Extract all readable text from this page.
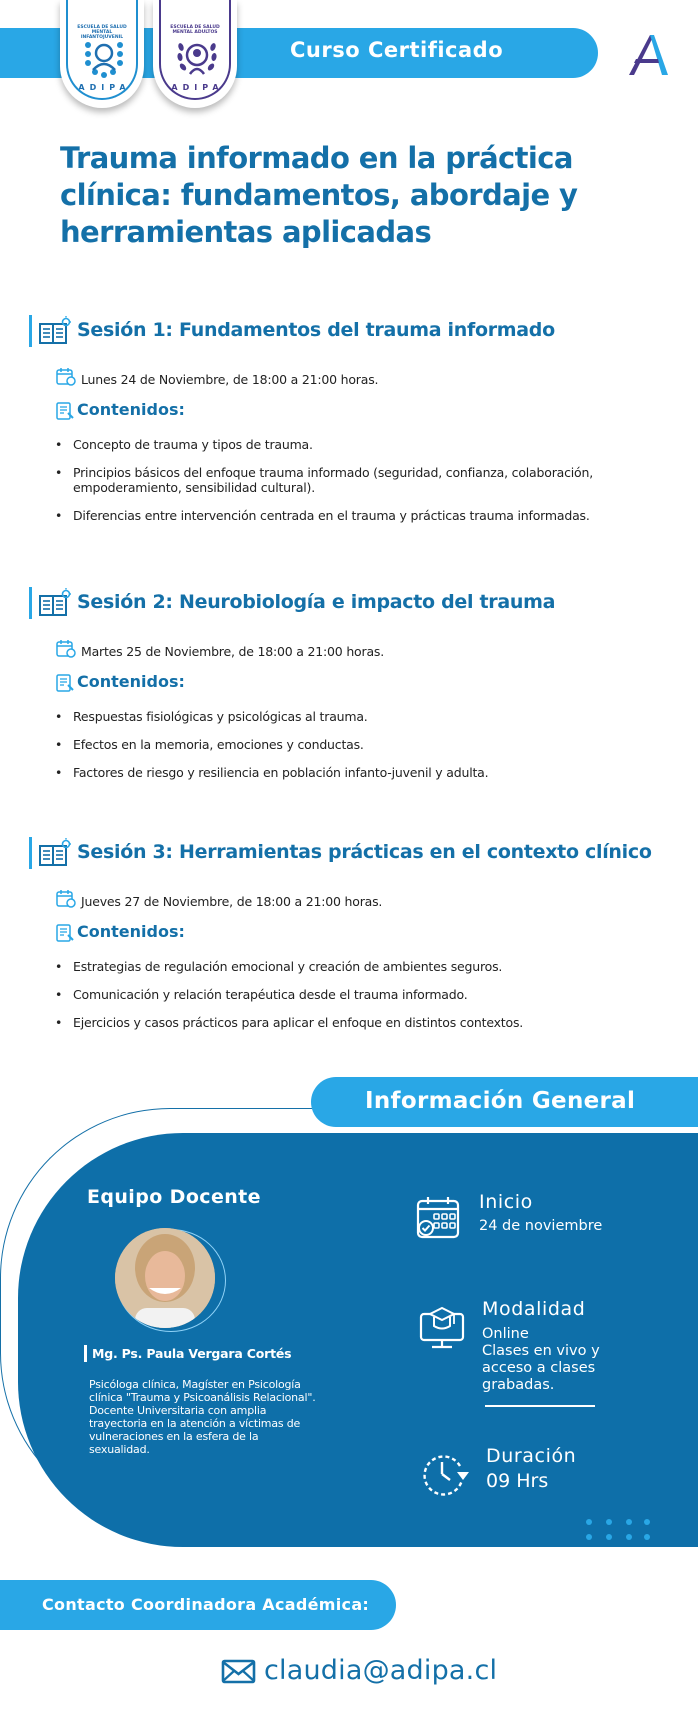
Curso Certificado
ESCUELA DE SALUD MENTAL INFANTOJUVENIL
ADIPA
ESCUELA DE SALUD MENTAL ADULTOS
ADIPA
Trauma informado en la práctica clínica: fundamentos, abordaje y herramientas aplicadas
Sesión 1: Fundamentos del trauma informado
Lunes 24 de Noviembre, de 18:00 a 21:00 horas.
Contenidos:
• Concepto de trauma y tipos de trauma.
• Principios básicos del enfoque trauma informado (seguridad, confianza, colaboración, empoderamiento, sensibilidad cultural).
• Diferencias entre intervención centrada en el trauma y prácticas trauma informadas.
Sesión 2: Neurobiología e impacto del trauma
Martes 25 de Noviembre, de 18:00 a 21:00 horas.
Contenidos:
• Respuestas fisiológicas y psicológicas al trauma.
• Efectos en la memoria, emociones y conductas.
• Factores de riesgo y resiliencia en población infanto-juvenil y adulta.
Sesión 3: Herramientas prácticas en el contexto clínico
Jueves 27 de Noviembre, de 18:00 a 21:00 horas.
Contenidos:
• Estrategias de regulación emocional y creación de ambientes seguros.
• Comunicación y relación terapéutica desde el trauma informado.
• Ejercicios y casos prácticos para aplicar el enfoque en distintos contextos.
Información General
Equipo Docente
Mg. Ps. Paula Vergara Cortés
Psicóloga clínica, Magíster en Psicología clínica "Trauma y Psicoanálisis Relacional". Docente Universitaria con amplia trayectoria en la atención a víctimas de vulneraciones en la esfera de la sexualidad.
Inicio
24 de noviembre
Modalidad
Online
Clases en vivo y
acceso a clases
grabadas.
Duración
09 Hrs
Contacto Coordinadora Académica:
claudia@adipa.cl
